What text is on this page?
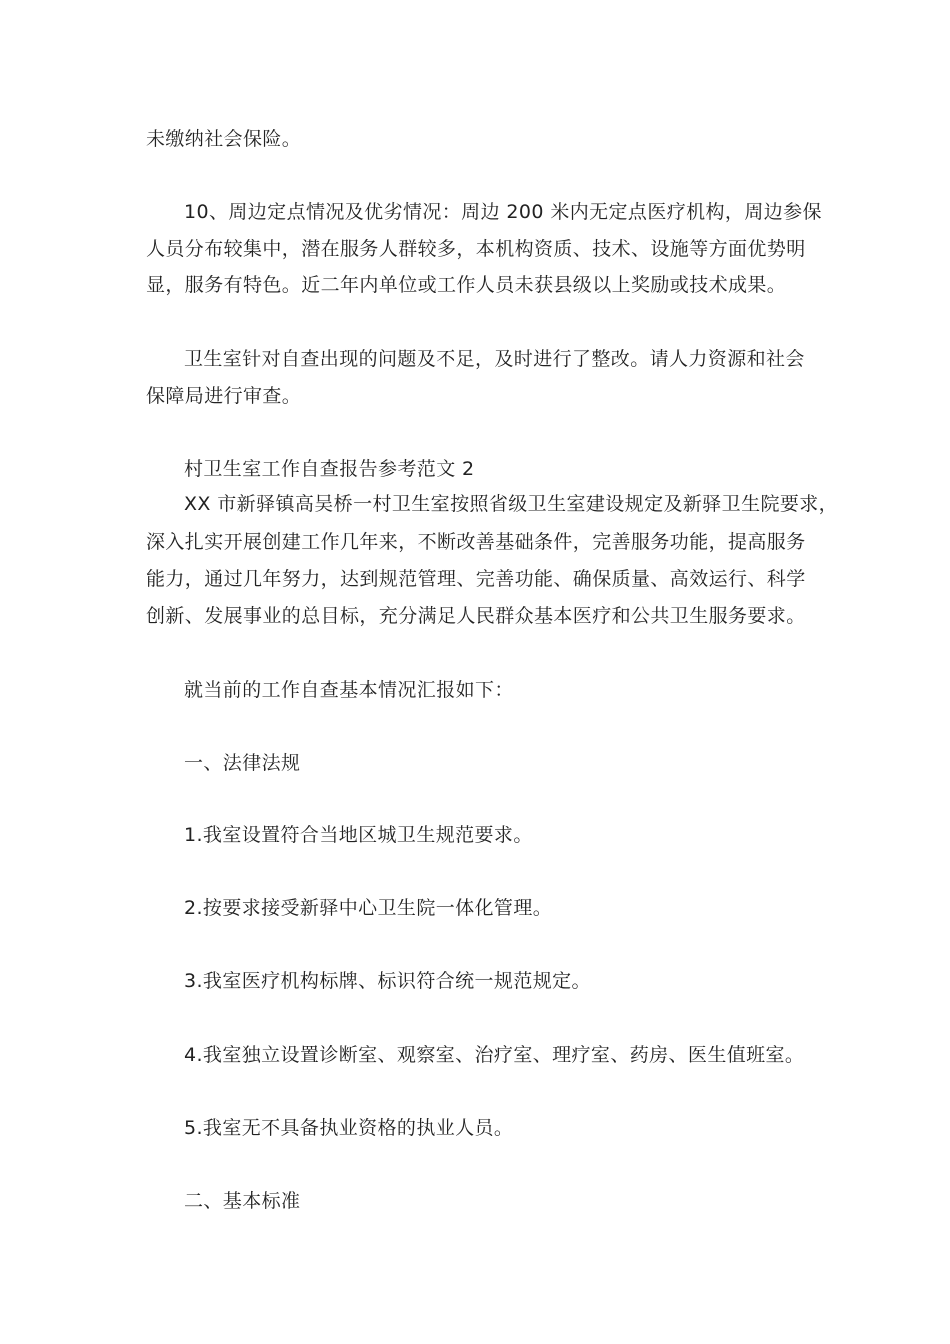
未缴纳社会保险。
10、周边定点情况及优劣情况：周边 200 米内无定点医疗机构，周边参保
人员分布较集中，潜在服务人群较多，本机构资质、技术、设施等方面优势明
显，服务有特色。近二年内单位或工作人员未获县级以上奖励或技术成果。
卫生室针对自查出现的问题及不足，及时进行了整改。请人力资源和社会
保障局进行审查。
村卫生室工作自查报告参考范文 2
XX 市新驿镇高吴桥一村卫生室按照省级卫生室建设规定及新驿卫生院要求，
深入扎实开展创建工作几年来，不断改善基础条件，完善服务功能，提高服务
能力，通过几年努力，达到规范管理、完善功能、确保质量、高效运行、科学
创新、发展事业的总目标，充分满足人民群众基本医疗和公共卫生服务要求。
就当前的工作自查基本情况汇报如下：
一、法律法规
1.我室设置符合当地区城卫生规范要求。
2.按要求接受新驿中心卫生院一体化管理。
3.我室医疗机构标牌、标识符合统一规范规定。
4.我室独立设置诊断室、观察室、治疗室、理疗室、药房、医生值班室。
5.我室无不具备执业资格的执业人员。
二、基本标准
